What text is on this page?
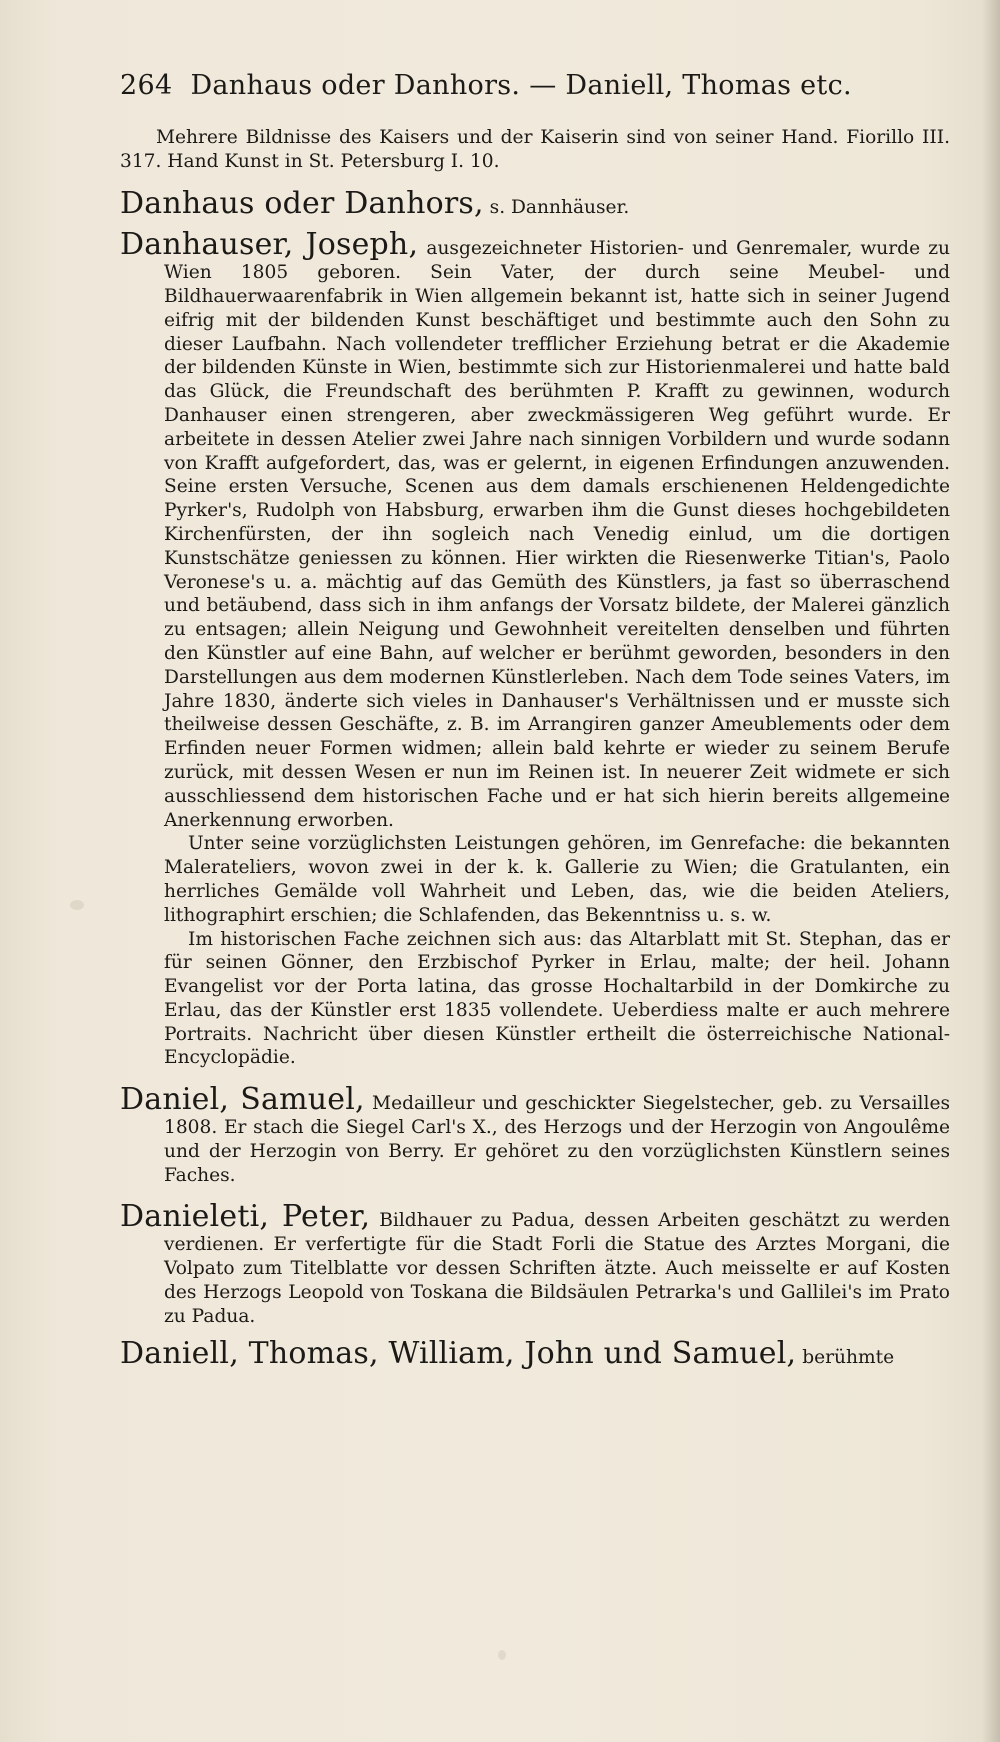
264 Danhaus oder Danhors. — Daniell, Thomas etc.

Mehrere Bildnisse des Kaisers und der Kaiserin sind von seiner Hand. Fiorillo III. 317. Hand Kunst in St. Petersburg I. 10.

Danhaus oder Danhors, s. Dannhäuser.

Danhauser, Joseph, ausgezeichneter Historien- und Genremaler, wurde zu Wien 1805 geboren. Sein Vater, der durch seine Meubel- und Bildhauerwaarenfabrik in Wien allgemein bekannt ist, hatte sich in seiner Jugend eifrig mit der bildenden Kunst beschäftiget und bestimmte auch den Sohn zu dieser Laufbahn. Nach vollendeter trefflicher Erziehung betrat er die Akademie der bildenden Künste in Wien, bestimmte sich zur Historienmalerei und hatte bald das Glück, die Freundschaft des berühmten P. Krafft zu gewinnen, wodurch Danhauser einen strengeren, aber zweckmässigeren Weg geführt wurde. Er arbeitete in dessen Atelier zwei Jahre nach sinnigen Vorbildern und wurde sodann von Krafft aufgefordert, das, was er gelernt, in eigenen Erfindungen anzuwenden. Seine ersten Versuche, Scenen aus dem damals erschienenen Heldengedichte Pyrker's, Rudolph von Habsburg, erwarben ihm die Gunst dieses hochgebildeten Kirchenfürsten, der ihn sogleich nach Venedig einlud, um die dortigen Kunstschätze geniessen zu können. Hier wirkten die Riesenwerke Titian's, Paolo Veronese's u. a. mächtig auf das Gemüth des Künstlers, ja fast so überraschend und betäubend, dass sich in ihm anfangs der Vorsatz bildete, der Malerei gänzlich zu entsagen; allein Neigung und Gewohnheit vereitelten denselben und führten den Künstler auf eine Bahn, auf welcher er berühmt geworden, besonders in den Darstellungen aus dem modernen Künstlerleben. Nach dem Tode seines Vaters, im Jahre 1830, änderte sich vieles in Danhauser's Verhältnissen und er musste sich theilweise dessen Geschäfte, z. B. im Arrangiren ganzer Ameublements oder dem Erfinden neuer Formen widmen; allein bald kehrte er wieder zu seinem Berufe zurück, mit dessen Wesen er nun im Reinen ist. In neuerer Zeit widmete er sich ausschliessend dem historischen Fache und er hat sich hierin bereits allgemeine Anerkennung erworben.

Unter seine vorzüglichsten Leistungen gehören, im Genrefache: die bekannten Malerateliers, wovon zwei in der k. k. Gallerie zu Wien; die Gratulanten, ein herrliches Gemälde voll Wahrheit und Leben, das, wie die beiden Ateliers, lithographirt erschien; die Schlafenden, das Bekenntniss u. s. w.

Im historischen Fache zeichnen sich aus: das Altarblatt mit St. Stephan, das er für seinen Gönner, den Erzbischof Pyrker in Erlau, malte; der heil. Johann Evangelist vor der Porta latina, das grosse Hochaltarbild in der Domkirche zu Erlau, das der Künstler erst 1835 vollendete. Ueberdiess malte er auch mehrere Portraits. Nachricht über diesen Künstler ertheilt die österreichische National-Encyclopädie.

Daniel, Samuel, Medailleur und geschickter Siegelstecher, geb. zu Versailles 1808. Er stach die Siegel Carl's X., des Herzogs und der Herzogin von Angoulême und der Herzogin von Berry. Er gehöret zu den vorzüglichsten Künstlern seines Faches.

Danieleti, Peter, Bildhauer zu Padua, dessen Arbeiten geschätzt zu werden verdienen. Er verfertigte für die Stadt Forli die Statue des Arztes Morgani, die Volpato zum Titelblatte vor dessen Schriften ätzte. Auch meisselte er auf Kosten des Herzogs Leopold von Toskana die Bildsäulen Petrarka's und Gallilei's im Prato zu Padua.

Daniell, Thomas, William, John und Samuel, berühmte
